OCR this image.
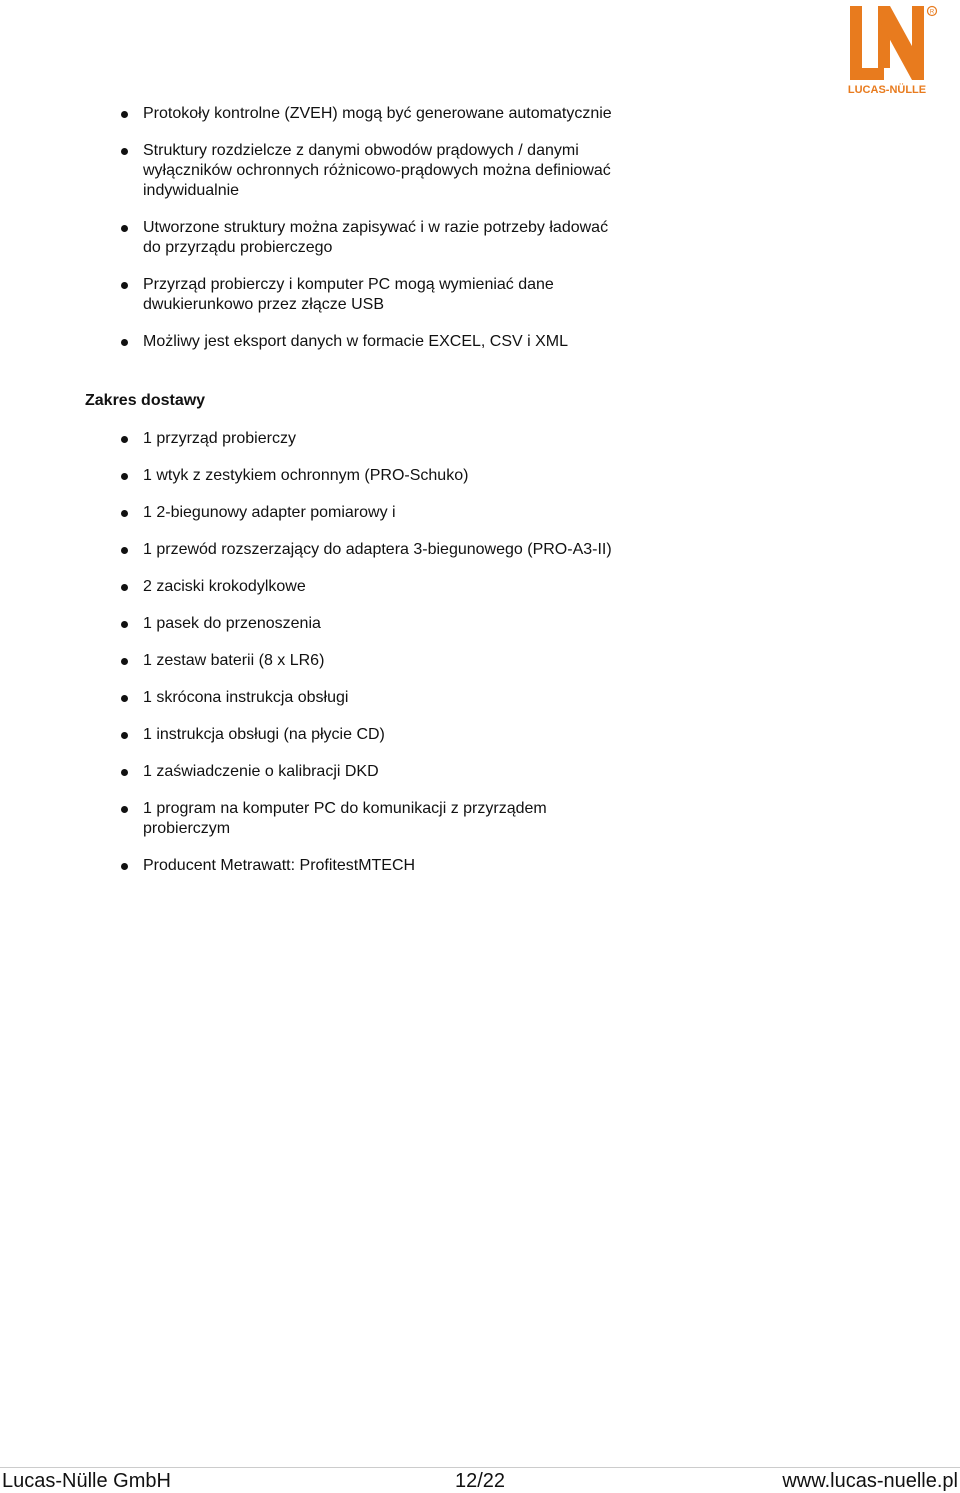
R
LUCAS-NÜLLE
Protokoły kontrolne (ZVEH) mogą być generowane automatycznie
Struktury rozdzielcze z danymi obwodów prądowych / danymi wyłączników ochronnych różnicowo-prądowych można definiować indywidualnie
Utworzone struktury można zapisywać i w razie potrzeby ładować do przyrządu probierczego
Przyrząd probierczy i komputer PC mogą wymieniać dane dwukierunkowo przez złącze USB
Możliwy jest eksport danych w formacie EXCEL, CSV i XML
Zakres dostawy
1 przyrząd probierczy
1 wtyk z zestykiem ochronnym (PRO-Schuko)
1 2-biegunowy adapter pomiarowy i
1 przewód rozszerzający do adaptera 3-biegunowego (PRO-A3-II)
2 zaciski krokodylkowe
1 pasek do przenoszenia
1 zestaw baterii (8 x LR6)
1 skrócona instrukcja obsługi
1 instrukcja obsługi (na płycie CD)
1 zaświadczenie o kalibracji DKD
1 program na komputer PC do komunikacji z przyrządem probierczym
Producent Metrawatt: ProfitestMTECH
Lucas-Nülle GmbH	12/22	www.lucas-nuelle.pl
